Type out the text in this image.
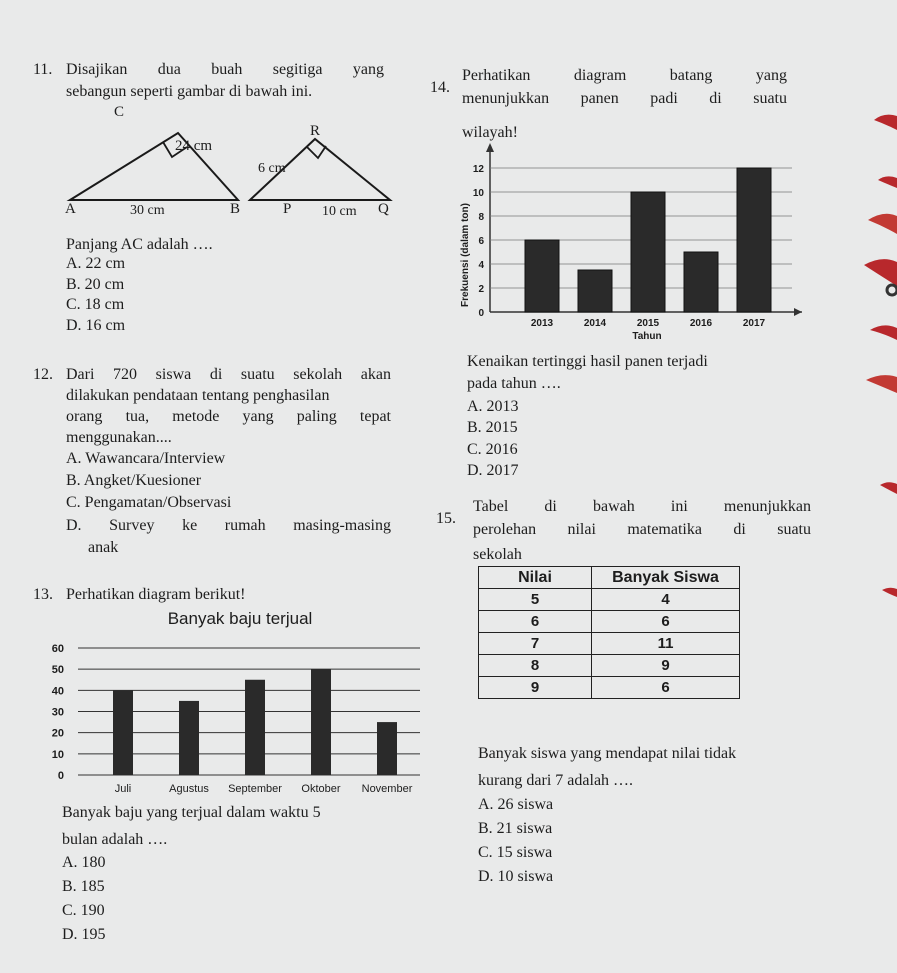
11. Disajikan dua buah segitiga yang
sebangun seperti gambar di bawah ini.
C
24 cm
A	30 cm	B
R
6 cm
P 10 cm Q
Panjang AC adalah ….
A. 22 cm
B. 20 cm
C. 18 cm
D. 16 cm
12. Dari 720 siswa di suatu sekolah akan
dilakukan pendataan tentang penghasilan
orang tua, metode yang paling tepat
menggunakan....
A. Wawancara/Interview
B. Angket/Kuesioner
C. Pengamatan/Observasi
D. Survey ke rumah masing-masing
anak
13. Perhatikan diagram berikut!
Banyak baju terjual
0
10
20
30
40
50
60
Juli	Agustus September Oktober November
Banyak baju yang terjual dalam waktu 5
bulan adalah ….
A. 180
B. 185
C. 190
D. 195
14.
Perhatikan diagram batang yang
menunjukkan panen padi di suatu
wilayah!
0
2
4
6
8
10
12
2013	2014	2015	2016	2017
Tahun
Frekuensi (dalam ton)
Kenaikan tertinggi hasil panen terjadi
pada tahun ….
A. 2013
B. 2015
C. 2016
D. 2017
15.
Tabel di bawah ini menunjukkan
perolehan nilai matematika di suatu
sekolah
Nilai	Banyak Siswa
5	4
6	6
7	11
8	9
9	6
Banyak siswa yang mendapat nilai tidak
kurang dari 7 adalah ….
A. 26 siswa
B. 21 siswa
C. 15 siswa
D. 10 siswa
